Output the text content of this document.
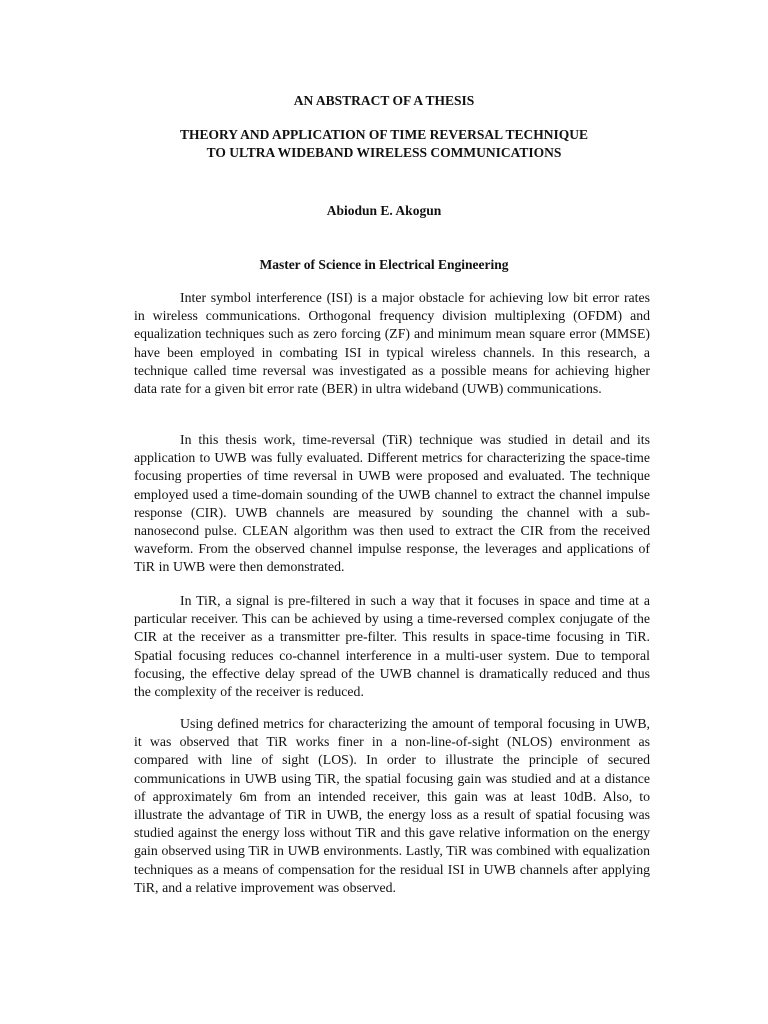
AN ABSTRACT OF A THESIS

THEORY AND APPLICATION OF TIME REVERSAL TECHNIQUE

TO ULTRA WIDEBAND WIRELESS COMMUNICATIONS

Abiodun E. Akogun

Master of Science in Electrical Engineering

Inter symbol interference (ISI) is a major obstacle for achieving low bit error rates in wireless communications. Orthogonal frequency division multiplexing (OFDM) and equalization techniques such as zero forcing (ZF) and minimum mean square error (MMSE) have been employed in combating ISI in typical wireless channels. In this research, a technique called time reversal was investigated as a possible means for achieving higher data rate for a given bit error rate (BER) in ultra wideband (UWB) communications.

In this thesis work, time-reversal (TiR) technique was studied in detail and its application to UWB was fully evaluated. Different metrics for characterizing the space-time focusing properties of time reversal in UWB were proposed and evaluated. The technique employed used a time-domain sounding of the UWB channel to extract the channel impulse response (CIR). UWB channels are measured by sounding the channel with a sub-nanosecond pulse. CLEAN algorithm was then used to extract the CIR from the received waveform. From the observed channel impulse response, the leverages and applications of TiR in UWB were then demonstrated.

In TiR, a signal is pre-filtered in such a way that it focuses in space and time at a particular receiver. This can be achieved by using a time-reversed complex conjugate of the CIR at the receiver as a transmitter pre-filter. This results in space-time focusing in TiR. Spatial focusing reduces co-channel interference in a multi-user system. Due to temporal focusing, the effective delay spread of the UWB channel is dramatically reduced and thus the complexity of the receiver is reduced.

Using defined metrics for characterizing the amount of temporal focusing in UWB, it was observed that TiR works finer in a non-line-of-sight (NLOS) environment as compared with line of sight (LOS). In order to illustrate the principle of secured communications in UWB using TiR, the spatial focusing gain was studied and at a distance of approximately 6m from an intended receiver, this gain was at least 10dB. Also, to illustrate the advantage of TiR in UWB, the energy loss as a result of spatial focusing was studied against the energy loss without TiR and this gave relative information on the energy gain observed using TiR in UWB environments. Lastly, TiR was combined with equalization techniques as a means of compensation for the residual ISI in UWB channels after applying TiR, and a relative improvement was observed.
